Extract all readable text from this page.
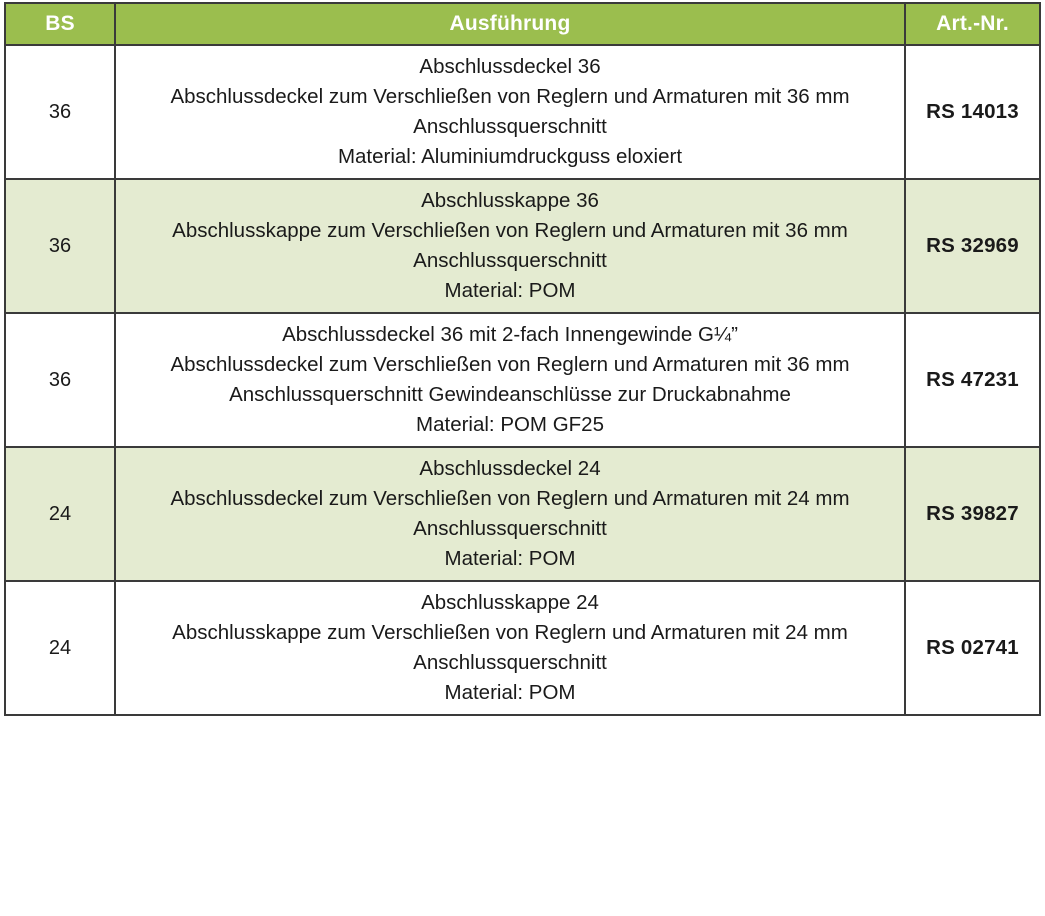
BS	Ausführung	Art.-Nr.
36	Abschlussdeckel 36
Abschlussdeckel zum Verschließen von Reglern und Armaturen mit 36 mm
Anschlussquerschnitt
Material: Aluminiumdruckguss eloxiert	RS 14013
36	Abschlusskappe 36
Abschlusskappe zum Verschließen von Reglern und Armaturen mit 36 mm
Anschlussquerschnitt
Material: POM	RS 32969
36	Abschlussdeckel 36 mit 2-fach Innengewinde G¼”
Abschlussdeckel zum Verschließen von Reglern und Armaturen mit 36 mm
Anschlussquerschnitt Gewindeanschlüsse zur Druckabnahme
Material: POM GF25	RS 47231
24	Abschlussdeckel 24
Abschlussdeckel zum Verschließen von Reglern und Armaturen mit 24 mm
Anschlussquerschnitt
Material: POM	RS 39827
24	Abschlusskappe 24
Abschlusskappe zum Verschließen von Reglern und Armaturen mit 24 mm
Anschlussquerschnitt
Material: POM	RS 02741
